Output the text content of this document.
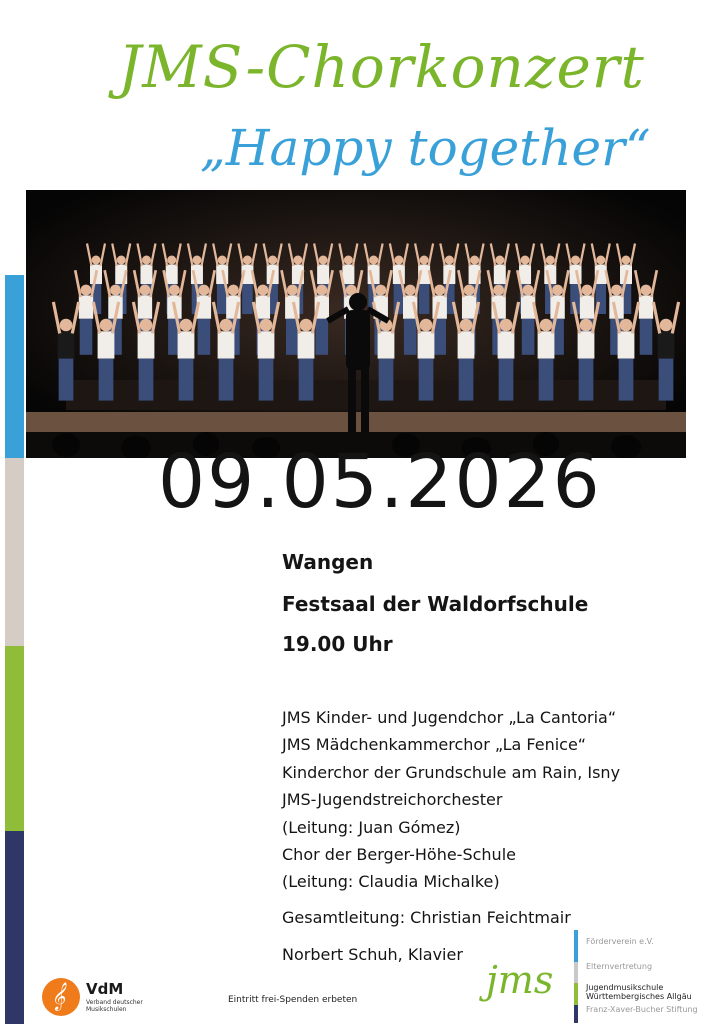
JMS-Chorkonzert
„Happy together“
09.05.2026
Wangen
Festsaal der Waldorfschule
19.00 Uhr
JMS Kinder- und Jugendchor „La Cantoria“
JMS Mädchenkammerchor „La Fenice“
Kinderchor der Grundschule am Rain, Isny
JMS-Jugendstreichorchester
(Leitung: Juan Gómez)
Chor der Berger-Höhe-Schule
(Leitung: Claudia Michalke)
Gesamtleitung: Christian Feichtmair
Norbert Schuh, Klavier
𝄞 VdM
Verband deutscher
Musikschulen
Eintritt frei-Spenden erbeten	jms
Förderverein e.V.
Elternvertretung
Jugendmusikschule Württembergisches Allgäu
Franz-Xaver-Bucher Stiftung
